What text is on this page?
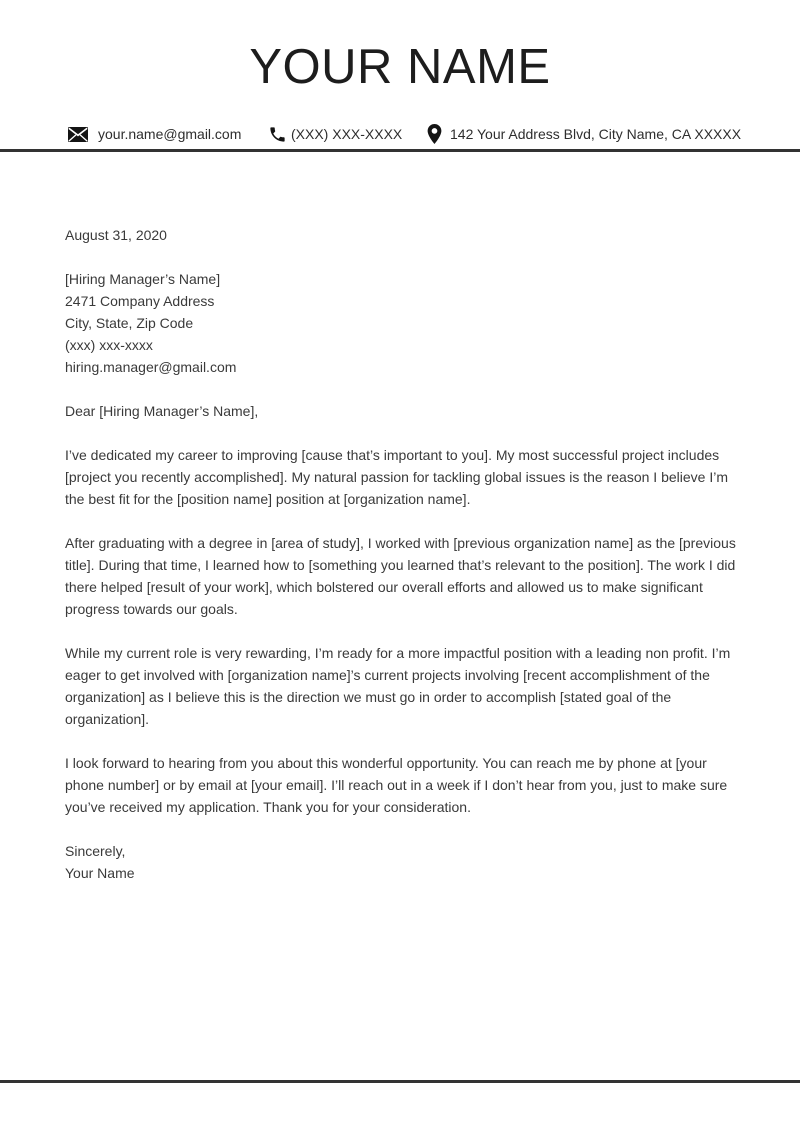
YOUR NAME
your.name@gmail.com	(XXX) XXX-XXXX	142 Your Address Blvd, City Name, CA XXXXX

August 31, 2020

[Hiring Manager’s Name]

2471 Company Address

City, State, Zip Code

(xxx) xxx-xxxx

hiring.manager@gmail.com

Dear [Hiring Manager’s Name],

I’ve dedicated my career to improving [cause that’s important to you]. My most successful project includes [project you recently accomplished]. My natural passion for tackling global issues is the reason I believe I’m the best fit for the [position name] position at [organization name].

After graduating with a degree in [area of study], I worked with [previous organization name] as the [previous title]. During that time, I learned how to [something you learned that’s relevant to the position]. The work I did there helped [result of your work], which bolstered our overall efforts and allowed us to make significant progress towards our goals.

While my current role is very rewarding, I’m ready for a more impactful position with a leading non profit. I’m eager to get involved with [organization name]’s current projects involving [recent accomplishment of the organization] as I believe this is the direction we must go in order to accomplish [stated goal of the organization].

I look forward to hearing from you about this wonderful opportunity. You can reach me by phone at [your phone number] or by email at [your email]. I’ll reach out in a week if I don’t hear from you, just to make sure you’ve received my application. Thank you for your consideration.

Sincerely,

Your Name
